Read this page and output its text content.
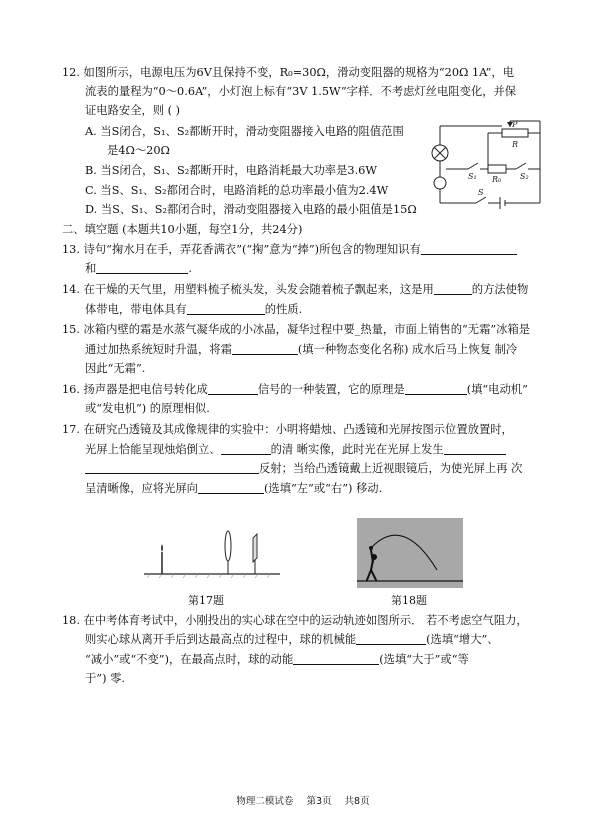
12. 如图所示，电源电压为6V且保持不变，R₀=30Ω，滑动变阻器的规格为“20Ω 1A”，电
流表的量程为“0～0.6A”，小灯泡上标有“3V 1.5W”字样．不考虑灯丝电阻变化，并保
证电路安全，则 ( )
A. 当S闭合，S₁、S₂都断开时，滑动变阻器接入电路的阻值范围
是4Ω～20Ω
B. 当S闭合，S₁、S₂都断开时，电路消耗最大功率是3.6W
C. 当S、S₁、S₂都闭合时，电路消耗的总功率最小值为2.4W
D. 当S、S₁、S₂都闭合时，滑动变阻器接入电路的最小阻值是15Ω
P
R
S₁ R₀ S₂
S
二、填空题 (本题共10小题，每空1分，共24分)
13. 诗句“掬水月在手，弄花香满衣”(“掬”意为“捧”)所包含的物理知识有
和	.
14. 在干燥的天气里，用塑料梳子梳头发，头发会随着梳子飘起来，这是用	的方法使物
体带电，带电体具有	的性质.
15. 冰箱内壁的霜是水蒸气凝华成的小冰晶，凝华过程中要_热量，市面上销售的“无霜”冰箱是
通过加热系统短时升温，将霜	(填一种物态变化名称) 成水后马上恢复 制冷
因此“无霜”.
16. 扬声器是把电信号转化成	信号的一种装置，它的原理是	(填“电动机”
或“发电机”) 的原理相似.
17. 在研究凸透镜及其成像规律的实验中：小明将蜡烛、凸透镜和光屏按图示位置放置时，
光屏上恰能呈现烛焰倒立、	的清 晰实像，此时光在光屏上发生
反射；当给凸透镜戴上近视眼镜后，为使光屏上再 次
呈清晰像，应将光屏向	(选填“左”或“右”) 移动.
第17题	第18题
18. 在中考体育考试中，小刚投出的实心球在空中的运动轨迹如图所示． 若不考虑空气阻力，
则实心球从离开手后到达最高点的过程中，球的机械能	(选填“增大”、
“减小”或“不变”)，在最高点时，球的动能	(选填“大于”或“等
于”) 零.
物理二模试卷 第3页 共8页
